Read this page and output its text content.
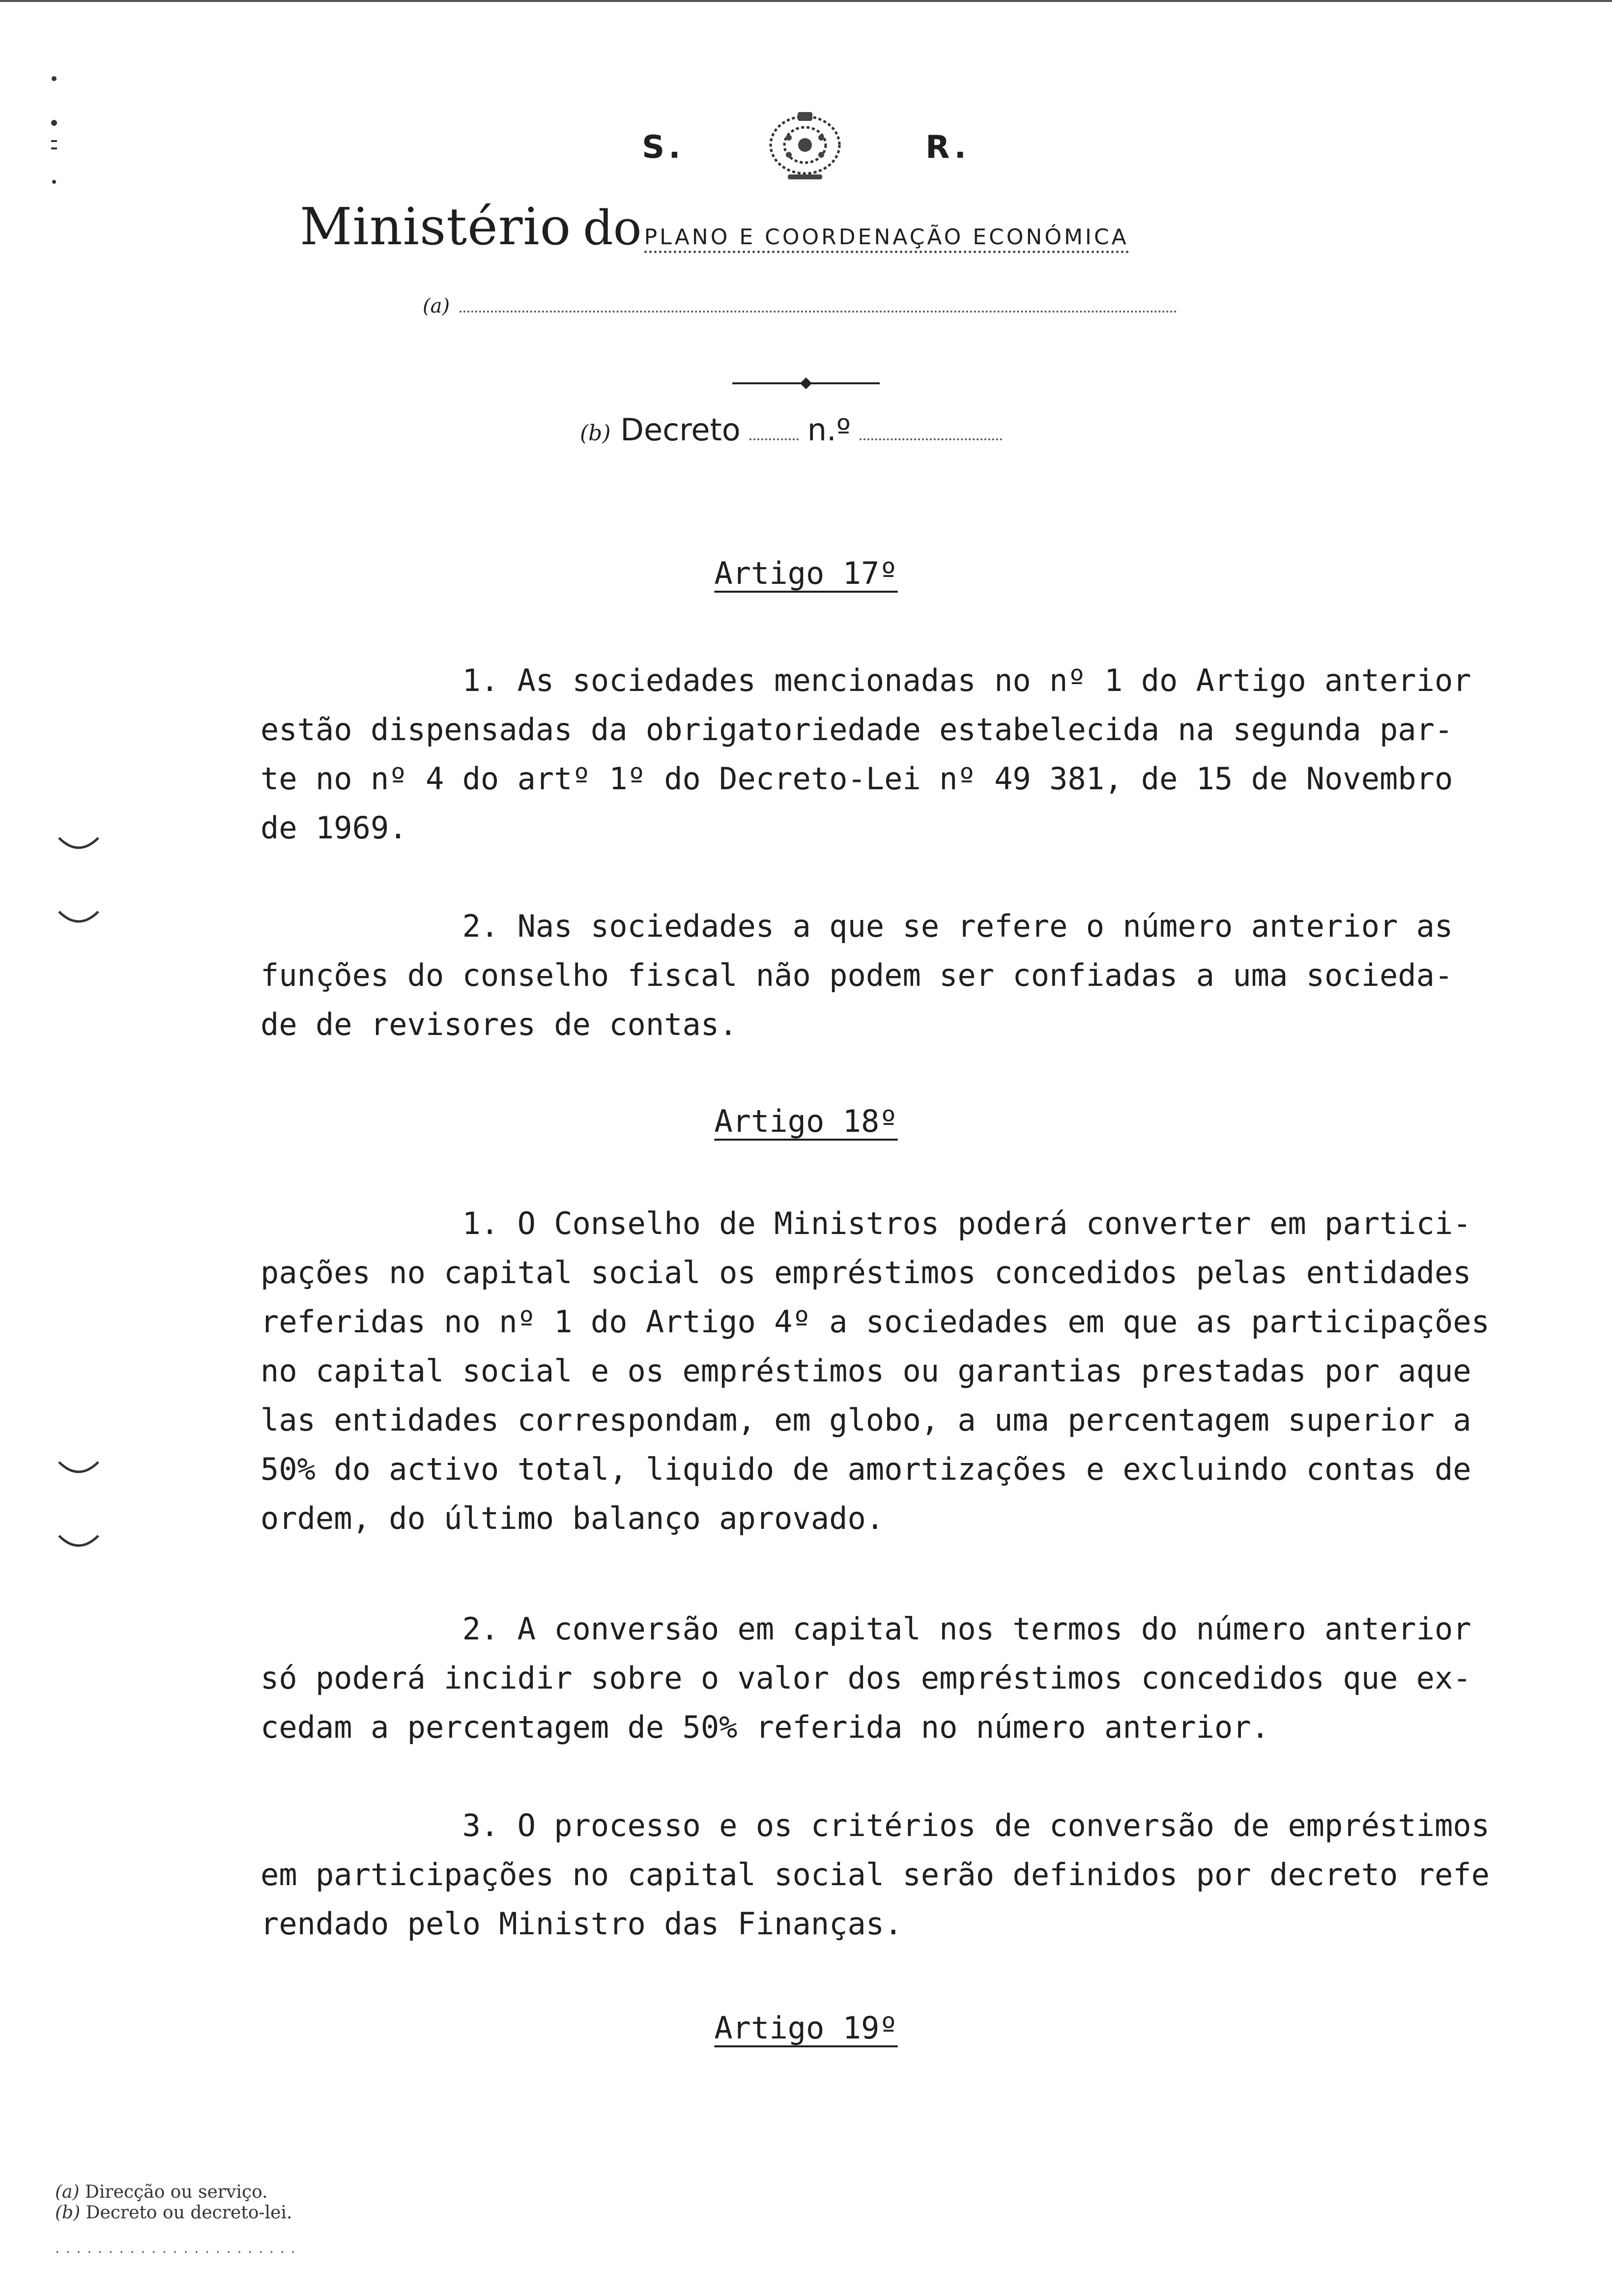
S.	R.
Ministério do PLANO E COORDENAÇÃO ECONÓMICA
(a)
(b) Decreto n.º
Artigo 17º
1. As sociedades mencionadas no nº 1 do Artigo anterior
estão dispensadas da obrigatoriedade estabelecida na segunda par-
te no nº 4 do artº 1º do Decreto-Lei nº 49 381, de 15 de Novembro
de 1969.
2. Nas sociedades a que se refere o número anterior as
funções do conselho fiscal não podem ser confiadas a uma socieda-
de de revisores de contas.
Artigo 18º
1. O Conselho de Ministros poderá converter em partici-
pações no capital social os empréstimos concedidos pelas entidades
referidas no nº 1 do Artigo 4º a sociedades em que as participações
no capital social e os empréstimos ou garantias prestadas por aque
las entidades correspondam, em globo, a uma percentagem superior a
50% do activo total, liquido de amortizações e excluindo contas de
ordem, do último balanço aprovado.
2. A conversão em capital nos termos do número anterior
só poderá incidir sobre o valor dos empréstimos concedidos que ex-
cedam a percentagem de 50% referida no número anterior.
3. O processo e os critérios de conversão de empréstimos
em participações no capital social serão definidos por decreto refe
rendado pelo Ministro das Finanças.
Artigo 19º
(a) Direcção ou serviço.
(b) Decreto ou decreto-lei.
. . . . . . . . . . . . . . . . . . . . . . .
